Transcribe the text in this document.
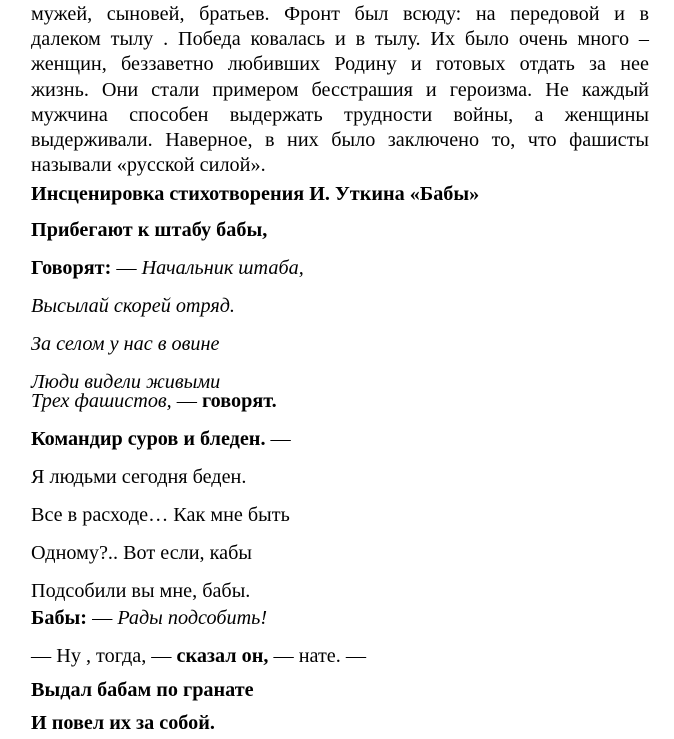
мужей, сыновей, братьев. Фронт был всюду: на передовой и в
далеком тылу . Победа ковалась и в тылу. Их было очень много –
женщин, беззаветно любивших Родину и готовых отдать за нее
жизнь. Они стали примером бесстрашия и героизма. Не каждый
мужчина способен выдержать трудности войны, а женщины
выдерживали. Наверное, в них было заключено то, что фашисты
называли «русской силой».
Инсценировка стихотворения И. Уткина «Бабы»
Прибегают к штабу бабы,
Говорят: — Начальник штаба,
Высылай скорей отряд.
За селом у нас в овине
Люди видели живыми
Трех фашистов, — говорят.
Командир суров и бледен. —
Я людьми сегодня беден.
Все в расходе… Как мне быть
Одному?.. Вот если, кабы
Подсобили вы мне, бабы.
Бабы: — Рады подсобить!
— Ну , тогда, — сказал он, — нате. —
Выдал бабам по гранате
И повел их за собой.
